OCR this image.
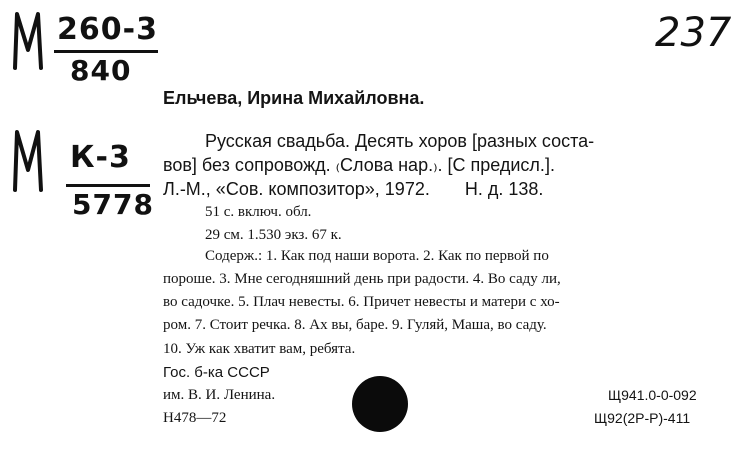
260-3
840
К-3
5778
237
Ельчева, Ирина Михайловна.
Русская свадьба. Десять хоров [разных соста-
вов] без сопровожд. ₍Слова нар.₎. [С предисл.].
Л.-М., «Сов. композитор», 1972.       Н. д. 138.
51 с. включ. обл.
29 см. 1.530 экз. 67 к.
Содерж.: 1. Как под наши ворота. 2. Как по первой по
пороше. 3. Мне сегодняшний день при радости. 4. Во саду ли,
во садочке. 5. Плач невесты. 6. Причет невесты и матери с хо-
ром. 7. Стоит речка. 8. Ах вы, баре. 9. Гуляй, Маша, во саду.
10. Уж как хватит вам, ребята.
Гос. б-ка СССР
им. В. И. Ленина.
Н478—72
Щ941.0-0-092
Щ92(2Р-Р)-411
